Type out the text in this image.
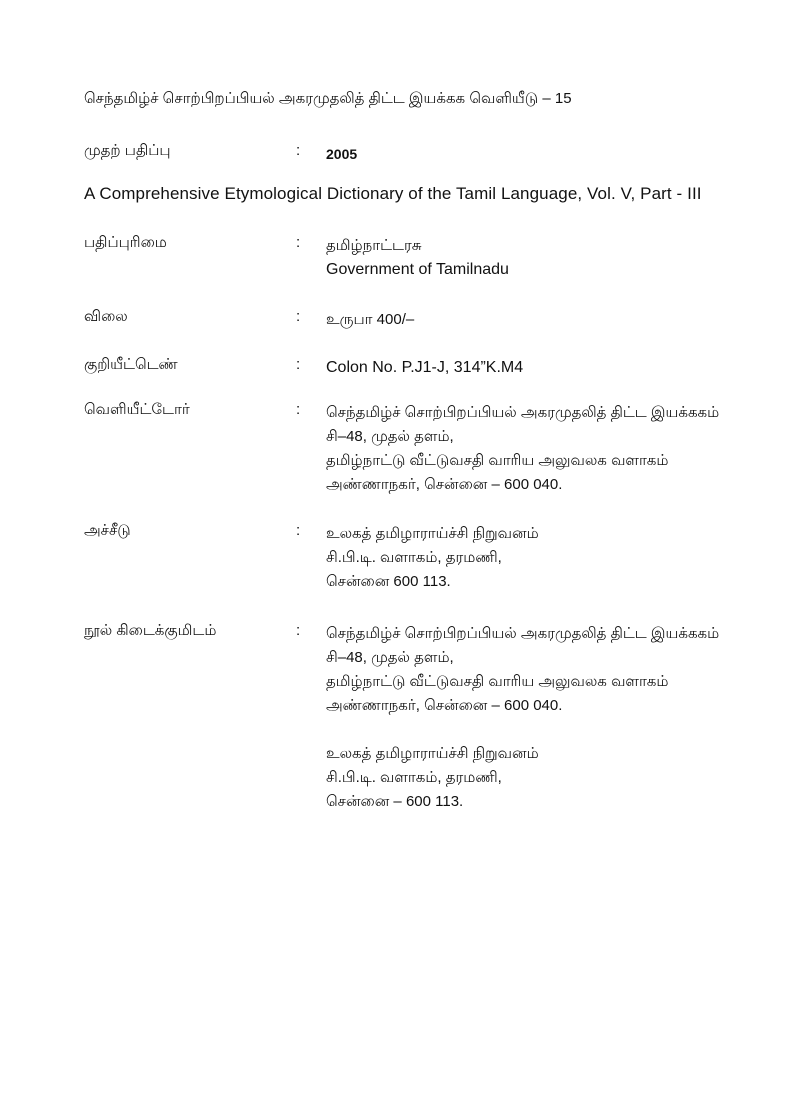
செந்தமிழ்ச் சொற்பிறப்பியல் அகரமுதலித் திட்ட இயக்கக வெளியீடு – 15
முதற் பதிப்பு	: 2005
A Comprehensive Etymological Dictionary of the Tamil Language, Vol. V, Part - III
பதிப்புரிமை	: தமிழ்நாட்டரசு
Government of Tamilnadu
விலை	: உருபா 400/–
குறியீட்டெண்	: Colon No. P.J1-J, 314”K.M4
வெளியீட்டோர்	: செந்தமிழ்ச் சொற்பிறப்பியல் அகரமுதலித் திட்ட இயக்ககம்
சி–48, முதல் தளம்,
தமிழ்நாட்டு வீட்டுவசதி வாரிய அலுவலக வளாகம்
அண்ணாநகர், சென்னை – 600 040.
அச்சீடு	: உலகத் தமிழாராய்ச்சி நிறுவனம்
சி.பி.டி. வளாகம், தரமணி,
சென்னை 600 113.
நூல் கிடைக்குமிடம்	: செந்தமிழ்ச் சொற்பிறப்பியல் அகரமுதலித் திட்ட இயக்ககம்
சி–48, முதல் தளம்,
தமிழ்நாட்டு வீட்டுவசதி வாரிய அலுவலக வளாகம்
அண்ணாநகர், சென்னை – 600 040.
உலகத் தமிழாராய்ச்சி நிறுவனம்
சி.பி.டி. வளாகம், தரமணி,
சென்னை – 600 113.
